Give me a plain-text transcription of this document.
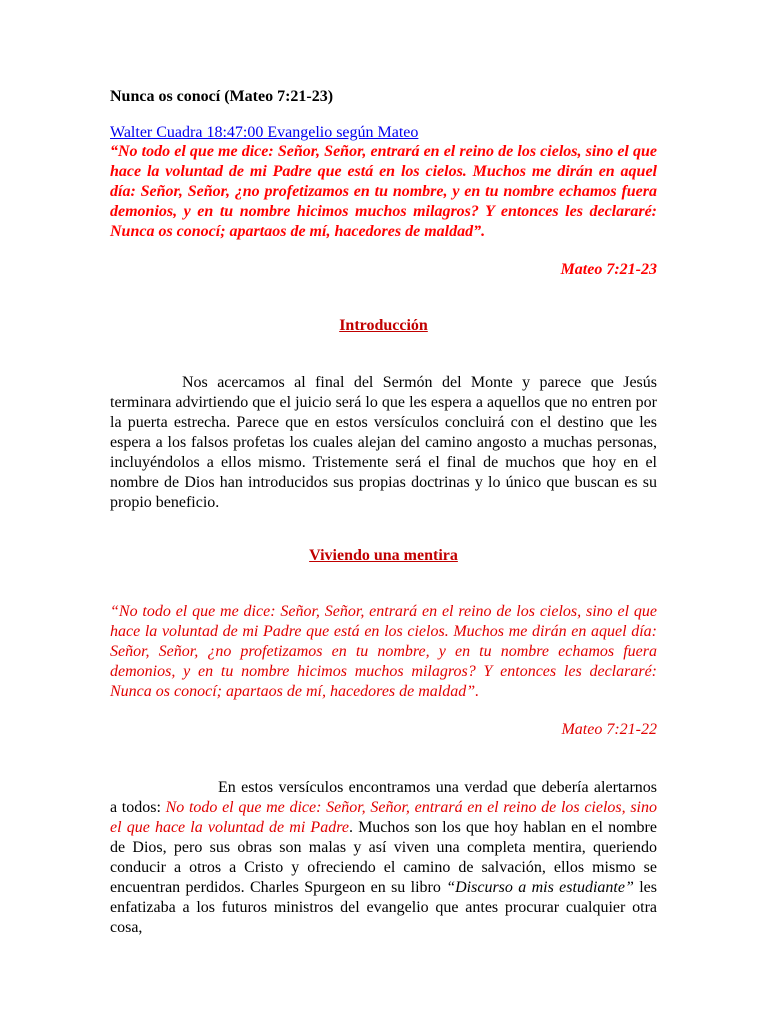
Nunca os conocí (Mateo 7:21-23)
Walter Cuadra 18:47:00 Evangelio según Mateo
“No todo el que me dice: Señor, Señor, entrará en el reino de los cielos, sino el que hace la voluntad de mi Padre que está en los cielos. Muchos me dirán en aquel día: Señor, Señor, ¿no profetizamos en tu nombre, y en tu nombre echamos fuera demonios, y en tu nombre hicimos muchos milagros? Y entonces les declararé: Nunca os conocí; apartaos de mí, hacedores de maldad”.
Mateo 7:21-23
Introducción
Nos acercamos al final del Sermón del Monte y parece que Jesús terminara advirtiendo que el juicio será lo que les espera a aquellos que no entren por la puerta estrecha. Parece que en estos versículos concluirá con el destino que les espera a los falsos profetas los cuales alejan del camino angosto a muchas personas, incluyéndolos a ellos mismo. Tristemente será el final de muchos que hoy en el nombre de Dios han introducidos sus propias doctrinas y lo único que buscan es su propio beneficio.
Viviendo una mentira
“No todo el que me dice: Señor, Señor, entrará en el reino de los cielos, sino el que hace la voluntad de mi Padre que está en los cielos. Muchos me dirán en aquel día: Señor, Señor, ¿no profetizamos en tu nombre, y en tu nombre echamos fuera demonios, y en tu nombre hicimos muchos milagros? Y entonces les declararé: Nunca os conocí; apartaos de mí, hacedores de maldad”.
Mateo 7:21-22
En estos versículos encontramos una verdad que debería alertarnos a todos: No todo el que me dice: Señor, Señor, entrará en el reino de los cielos, sino el que hace la voluntad de mi Padre. Muchos son los que hoy hablan en el nombre de Dios, pero sus obras son malas y así viven una completa mentira, queriendo conducir a otros a Cristo y ofreciendo el camino de salvación, ellos mismo se encuentran perdidos. Charles Spurgeon en su libro “Discurso a mis estudiante” les enfatizaba a los futuros ministros del evangelio que antes procurar cualquier otra cosa,
